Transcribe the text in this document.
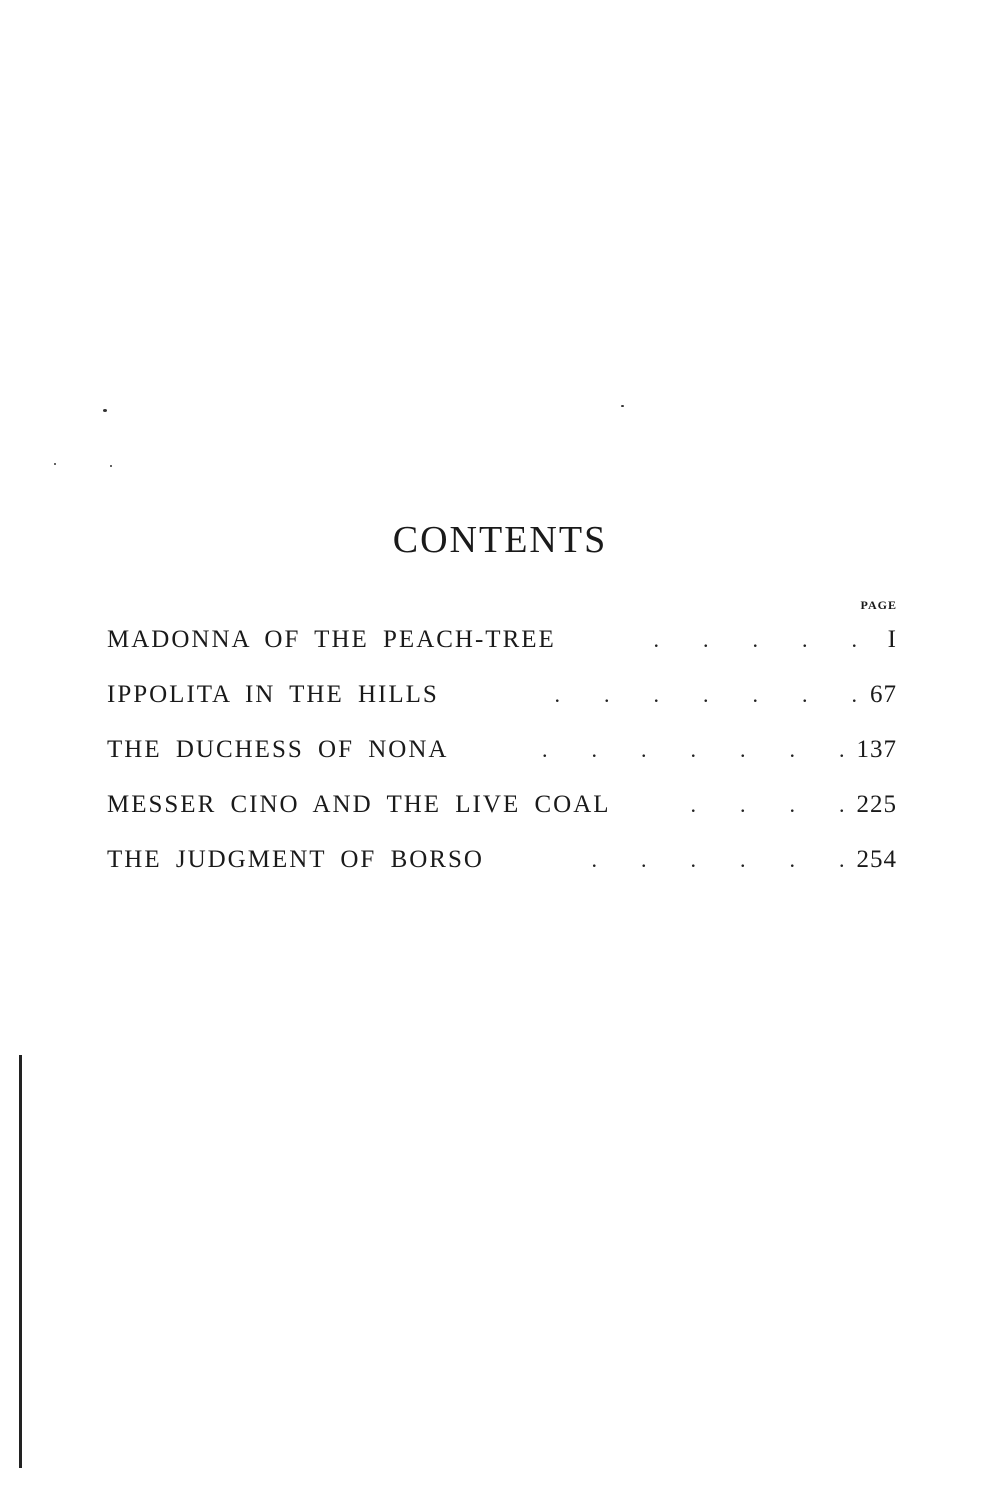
CONTENTS
PAGE
MADONNA OF THE PEACH-TREE	.  .  .  .  .	I
IPPOLITA IN THE HILLS	.  .  .  .  .  .  . 67
THE DUCHESS OF NONA	.  .  .  .  .  .  . 137
MESSER CINO AND THE LIVE COAL	.  .  .  . 225
THE JUDGMENT OF BORSO	.  .  .  .  .  . 254
